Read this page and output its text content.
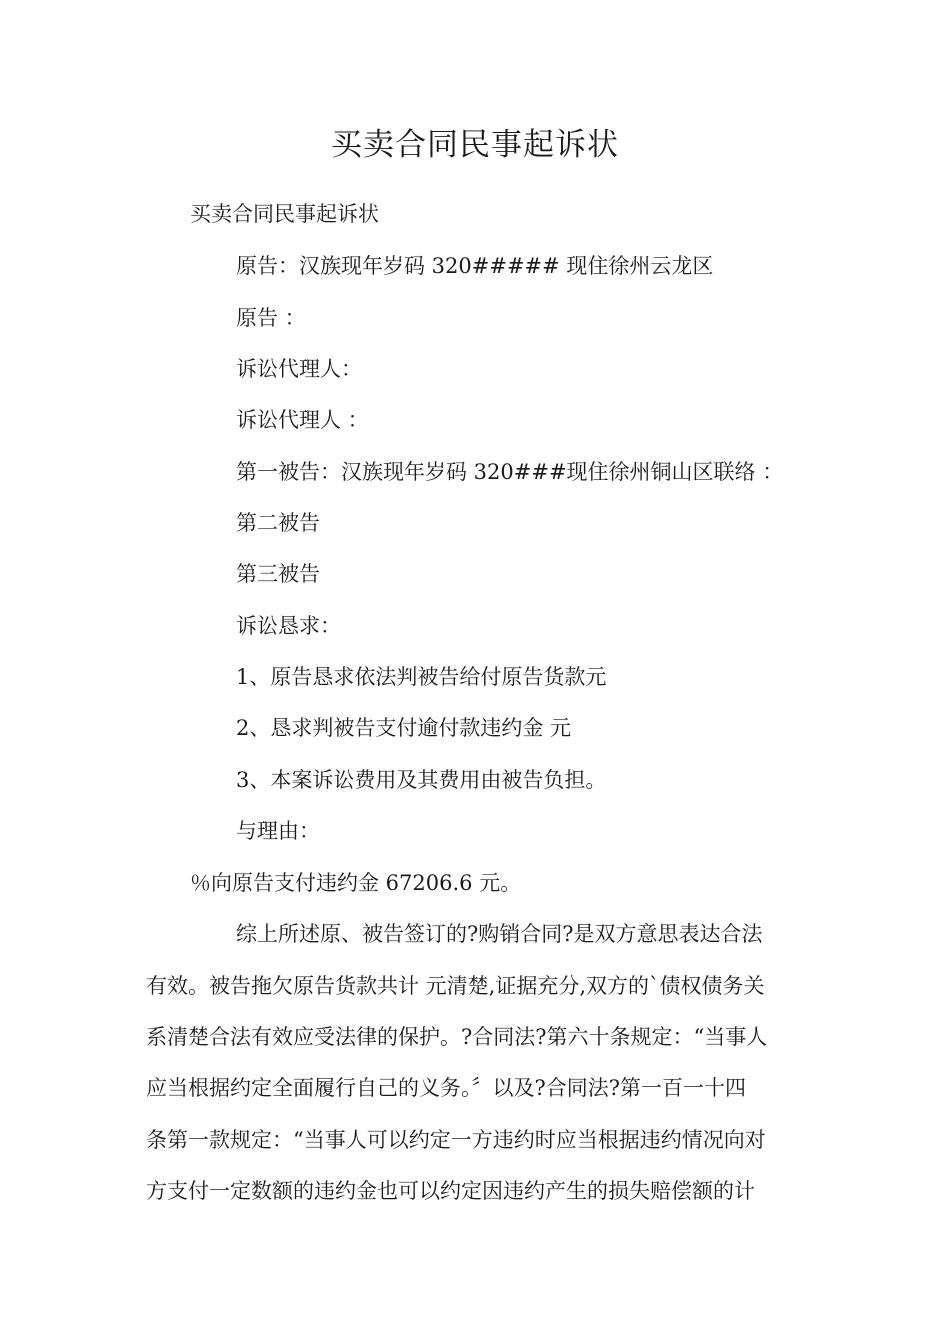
买卖合同民事起诉状

买卖合同民事起诉状

原告：汉族现年岁码 320##### 现住徐州云龙区

原告 ：

诉讼代理人：

诉讼代理人 ：

第一被告：汉族现年岁码 320###现住徐州铜山区联络 ：

第二被告

第三被告

诉讼恳求：

1、原告恳求依法判被告给付原告货款元

2、恳求判被告支付逾付款违约金 元

3、本案诉讼费用及其费用由被告负担。

与理由：

％向原告支付违约金 67206.6 元。

综上所述原、被告签订的?购销合同?是双方意思表达合法

有效。被告拖欠原告货款共计 元清楚,证据充分,双方的`债权债务关

系清楚合法有效应受法律的保护。?合同法?第六十条规定：“当事人

应当根据约定全面履行自己的义务。〞以及?合同法?第一百一十四

条第一款规定：“当事人可以约定一方违约时应当根据违约情况向对

方支付一定数额的违约金也可以约定因违约产生的损失赔偿额的计
